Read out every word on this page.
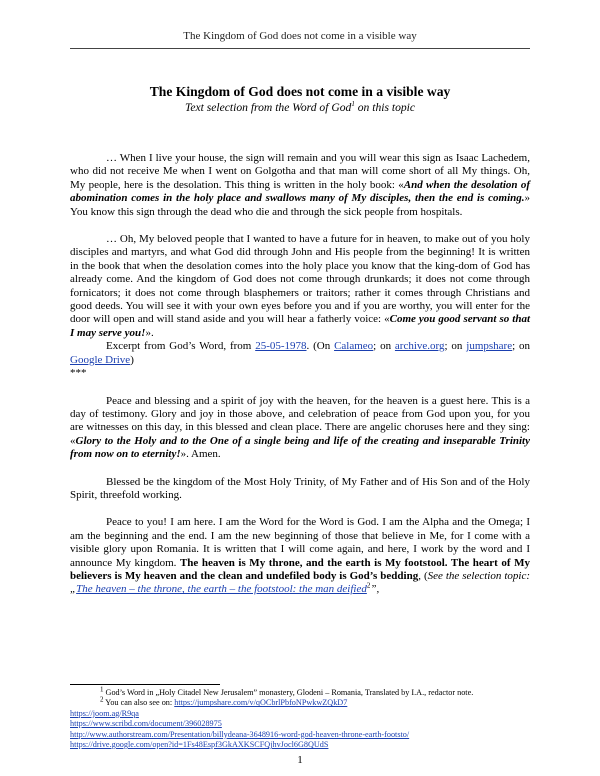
The Kingdom of God does not come in a visible way

The Kingdom of God does not come in a visible way

Text selection from the Word of God$^1$ on this topic

… When I live your house, the sign will remain and you will wear this sign as Isaac Lachedem, who did not receive Me when I went on Golgotha and that man will come short of all My things. Oh, My people, here is the desolation. This thing is written in the holy book: «And when the desolation of abomination comes in the holy place and swallows many of My disciples, then the end is coming.» You know this sign through the dead who die and through the sick people from hospitals.

… Oh, My beloved people that I wanted to have a future for in heaven, to make out of you holy disciples and martyrs, and what God did through John and His people from the beginning! It is written in the book that when the desolation comes into the holy place you know that the king-dom of God has already come. And the kingdom of God does not come through drunkards; it does not come through fornicators; it does not come through blasphemers or traitors; rather it comes through Christians and good deeds. You will see it with your own eyes before you and if you are worthy, you will enter for the door will open and will stand aside and you will hear a fatherly voice: «Come you good servant so that I may serve you!».

Excerpt from God’s Word, from 25-05-1978. (On Calameo; on archive.org; on jumpshare; on Google Drive)

***

Peace and blessing and a spirit of joy with the heaven, for the heaven is a guest here. This is a day of testimony. Glory and joy in those above, and celebration of peace from God upon you, for you are witnesses on this day, in this blessed and clean place. There are angelic choruses here and they sing: «Glory to the Holy and to the One of a single being and life of the creating and inseparable Trinity from now on to eternity!». Amen.

Blessed be the kingdom of the Most Holy Trinity, of My Father and of His Son and of the Holy Spirit, threefold working.

Peace to you! I am here. I am the Word for the Word is God. I am the Alpha and the Omega; I am the beginning and the end. I am the new beginning of those that believe in Me, for I come with a visible glory upon Romania. It is written that I will come again, and here, I work by the word and I announce My kingdom. The heaven is My throne, and the earth is My footstool. The heart of My believers is My heaven and the clean and undefiled body is God’s bedding, (See the selection topic: „The heaven – the throne, the earth – the footstool: the man deified$^2$”,

$^1$ God’s Word in „Holy Citadel New Jerusalem” monastery, Glodeni – Romania, Translated by I.A., redactor note.

$^2$ You can also see on: https://jumpshare.com/v/qOCbrlPbfoNPwkwZQkD7

https://joom.ag/R9qa
https://www.scribd.com/document/396028975
http://www.authorstream.com/Presentation/billydeana-3648916-word-god-heaven-throne-earth-footsto/
https://drive.google.com/open?id=1Fs48Espf3GkAXKSCFQjhvJocl6G8QUdS
1
